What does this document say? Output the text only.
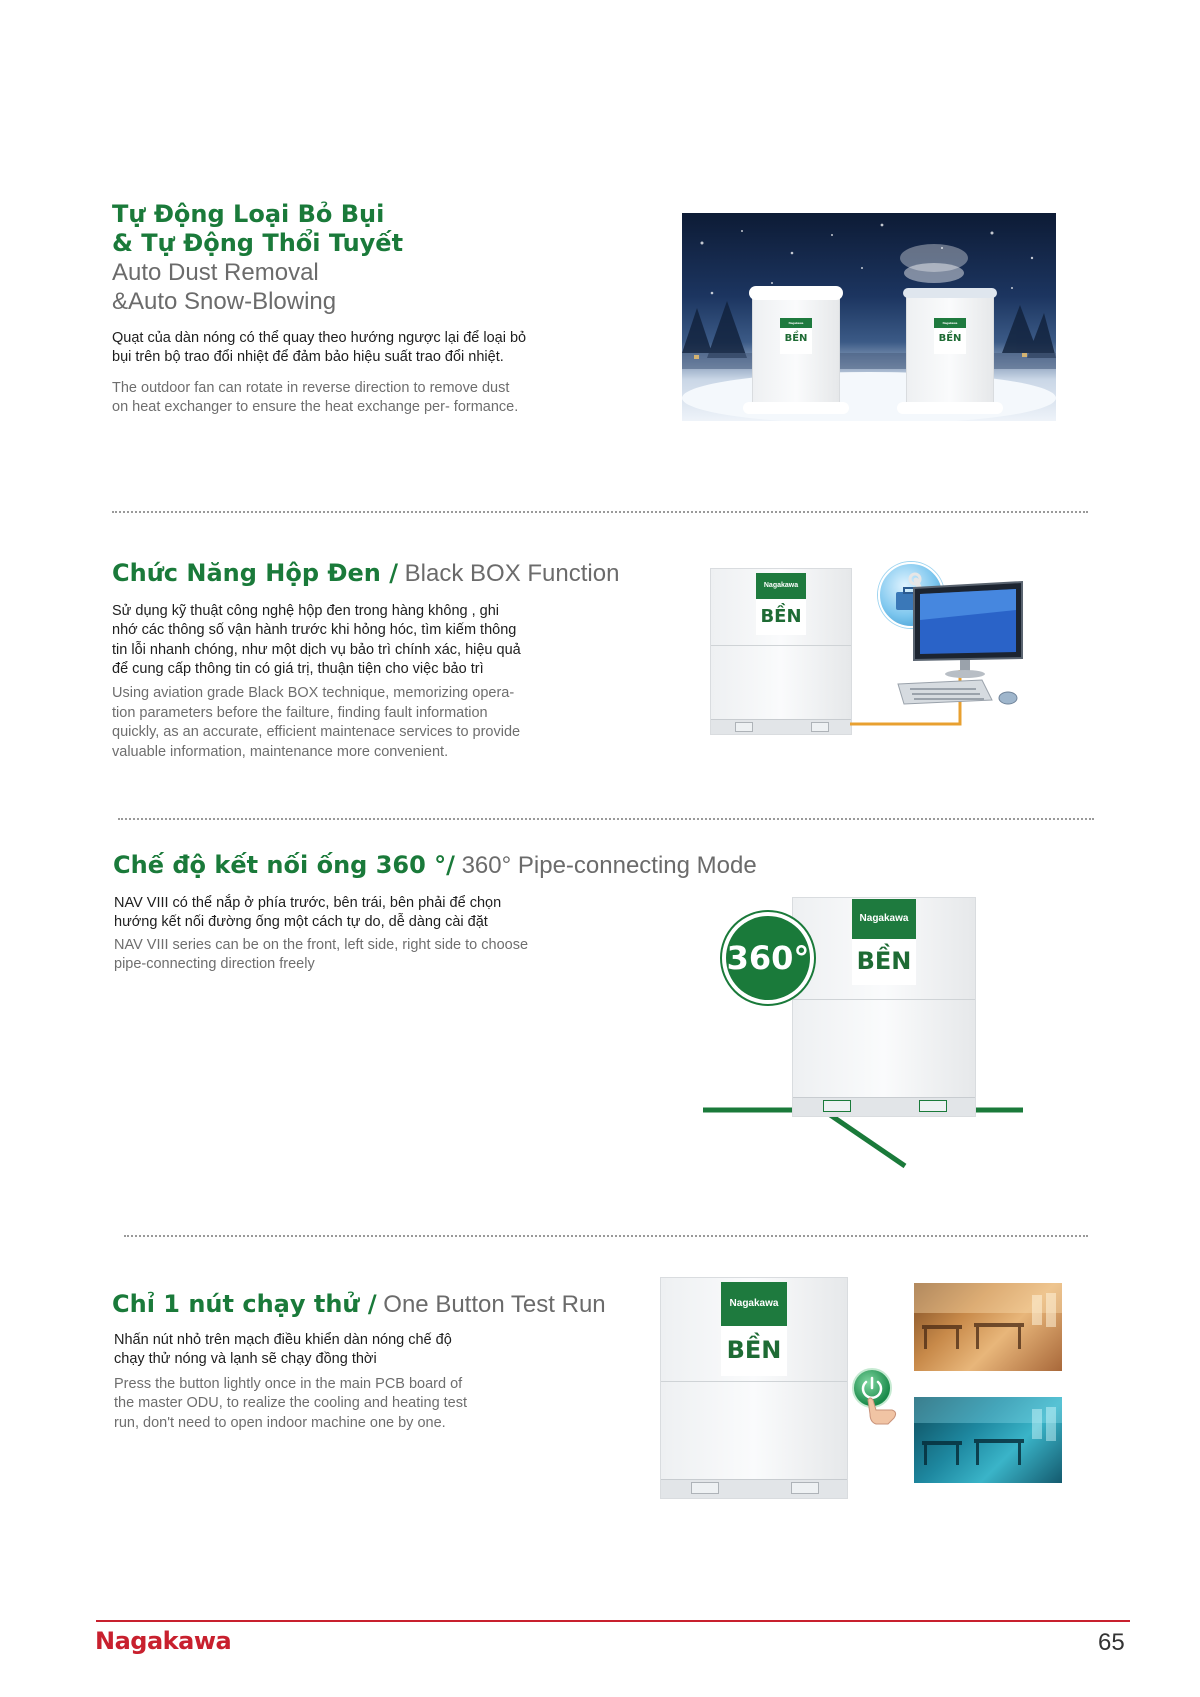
Tự Động Loại Bỏ Bụi
& Tự Động Thổi Tuyết
Auto Dust Removal
&Auto Snow-Blowing
Quạt của dàn nóng có thể quay theo hướng ngược lại để loại bỏ
bụi trên bộ trao đổi nhiệt để đảm bảo hiệu suất trao đổi nhiệt.
The outdoor fan can rotate in reverse direction to remove dust
on heat exchanger to ensure the heat exchange per- formance.
Nagakawa
BỀN
Nagakawa
BỀN
Chức Năng Hộp Đen / Black BOX Function
Sử dụng kỹ thuật công nghệ hộp đen trong hàng không , ghi
nhớ các thông số vận hành trước khi hỏng hóc, tìm kiếm thông
tin lỗi nhanh chóng, như một dịch vụ bảo trì chính xác, hiệu quả
để cung cấp thông tin có giá trị, thuận tiện cho việc bảo trì
Using aviation grade Black BOX technique, memorizing opera-
tion parameters before the failture, finding fault information
quickly, as an accurate, efficient maintenace services to provide
valuable information, maintenance more convenient.
Nagakawa
BỀN
Chế độ kết nối ống 360 °/ 360° Pipe-connecting Mode
NAV VIII có thể nắp ở phía trước, bên trái, bên phải để chọn
hướng kết nối đường ống một cách tự do, dễ dàng cài đặt
NAV VIII series can be on the front, left side, right side to choose
pipe-connecting direction freely
Nagakawa
BỀN
360°
Chỉ 1 nút chạy thử / One Button Test Run
Nhấn nút nhỏ trên mạch điều khiển dàn nóng chế độ
chạy thử nóng và lạnh sẽ chạy đồng thời
Press the button lightly once in the main PCB board of
the master ODU, to realize the cooling and heating test
run, don't need to open indoor machine one by one.
Nagakawa
BỀN
Nagakawa	65
